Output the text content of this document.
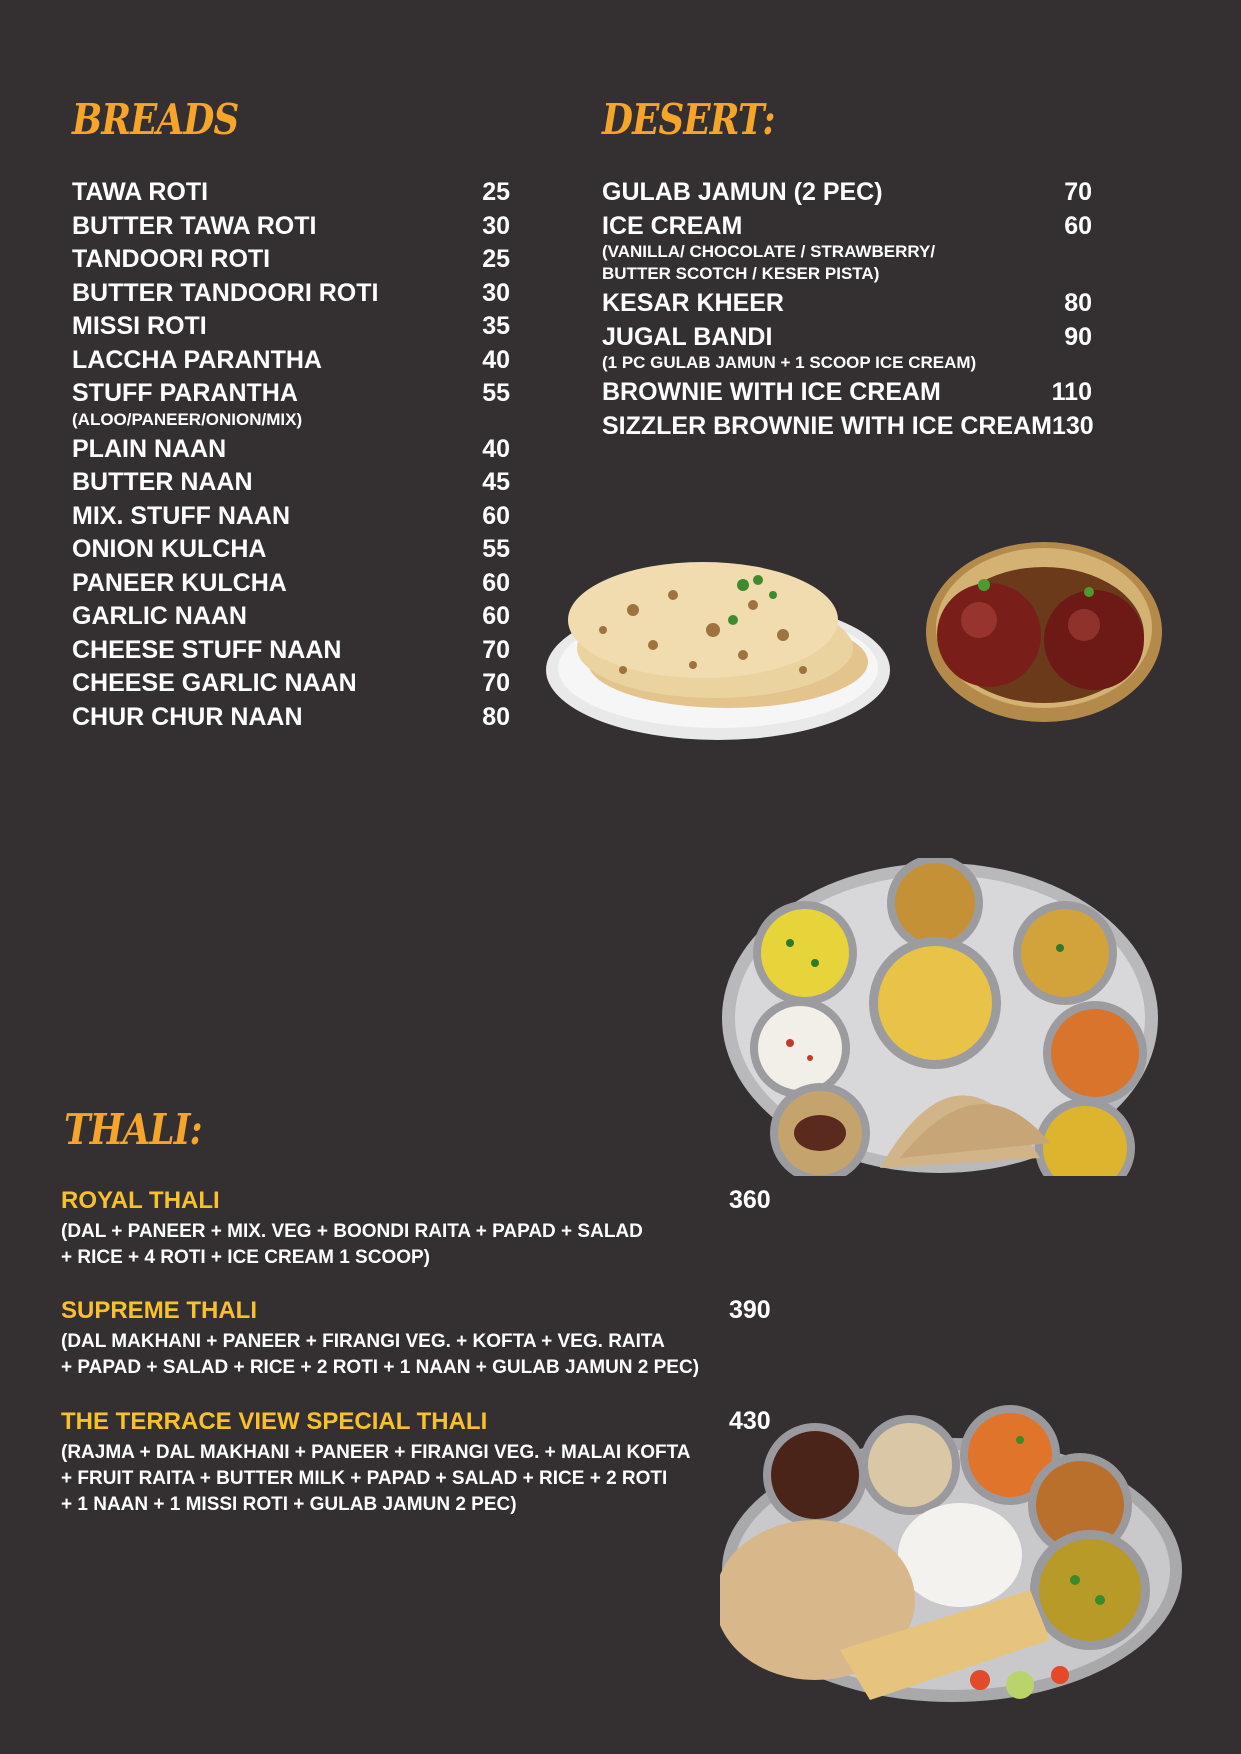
BREADS	DESERT:
THALI:
TAWA ROTI	25
BUTTER TAWA ROTI	30
TANDOORI ROTI	25
BUTTER TANDOORI ROTI	30
MISSI ROTI	35
LACCHA PARANTHA	40
STUFF PARANTHA	55
(ALOO/PANEER/ONION/MIX)
PLAIN NAAN	40
BUTTER NAAN	45
MIX. STUFF NAAN	60
ONION KULCHA	55
PANEER KULCHA	60
GARLIC NAAN	60
CHEESE STUFF NAAN	70
CHEESE GARLIC NAAN	70
CHUR CHUR NAAN	80
GULAB JAMUN (2 PEC)	70
ICE CREAM	60
(VANILLA/ CHOCOLATE / STRAWBERRY/
BUTTER SCOTCH / KESER PISTA)
KESAR KHEER	80
JUGAL BANDI	90
(1 PC GULAB JAMUN + 1 SCOOP ICE CREAM)
BROWNIE WITH ICE CREAM	110
SIZZLER BROWNIE WITH ICE CREAM 130
ROYAL THALI	360
(DAL + PANEER + MIX. VEG + BOONDI RAITA + PAPAD + SALAD
+ RICE + 4 ROTI + ICE CREAM 1 SCOOP)
SUPREME THALI	390
(DAL MAKHANI + PANEER + FIRANGI VEG. + KOFTA + VEG. RAITA
+ PAPAD + SALAD + RICE + 2 ROTI + 1 NAAN + GULAB JAMUN 2 PEC)
THE TERRACE VIEW SPECIAL THALI	430
(RAJMA + DAL MAKHANI + PANEER + FIRANGI VEG. + MALAI KOFTA
+ FRUIT RAITA + BUTTER MILK + PAPAD + SALAD + RICE + 2 ROTI
+ 1 NAAN + 1 MISSI ROTI + GULAB JAMUN 2 PEC)
